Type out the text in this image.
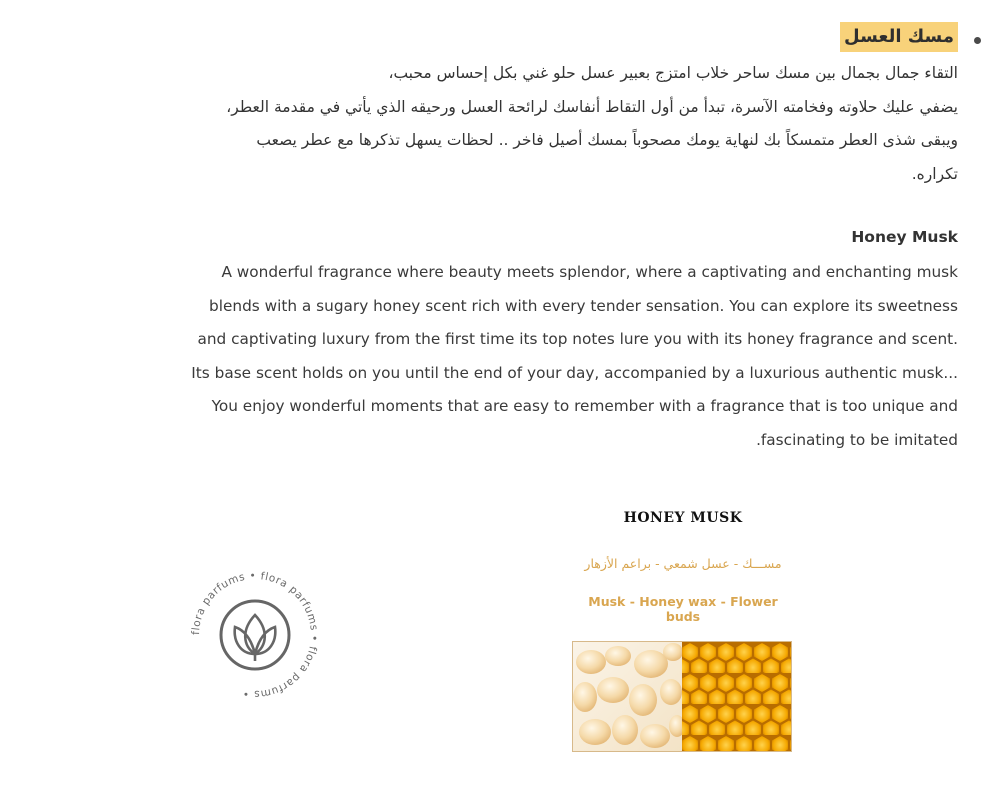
مسك العسل

التقاء جمال بجمال بين مسك ساحر خلاب امتزج بعبير عسل حلو غني بكل إحساس محبب،

يضفي عليك حلاوته وفخامته الآسرة، تبدأ من أول التقاط أنفاسك لرائحة العسل ورحيقه الذي يأتي في مقدمة العطر،

ويبقى شذى العطر متمسكاً بك لنهاية يومك مصحوباً بمسك أصيل فاخر .. لحظات يسهل تذكرها مع عطر يصعب

تكراره.

Honey Musk

A wonderful fragrance where beauty meets splendor, where a captivating and enchanting musk

blends with a sugary honey scent rich with every tender sensation. You can explore its sweetness

and captivating luxury from the first time its top notes lure you with its honey fragrance and scent.

Its base scent holds on you until the end of your day, accompanied by a luxurious authentic musk...

You enjoy wonderful moments that are easy to remember with a fragrance that is too unique and

.fascinating to be imitated

flora parfums • flora parfums • flora parfums •
HONEY MUSK
مســـك - عسل شمعي - براعم الأزهار
Musk - Honey wax - Flower buds
